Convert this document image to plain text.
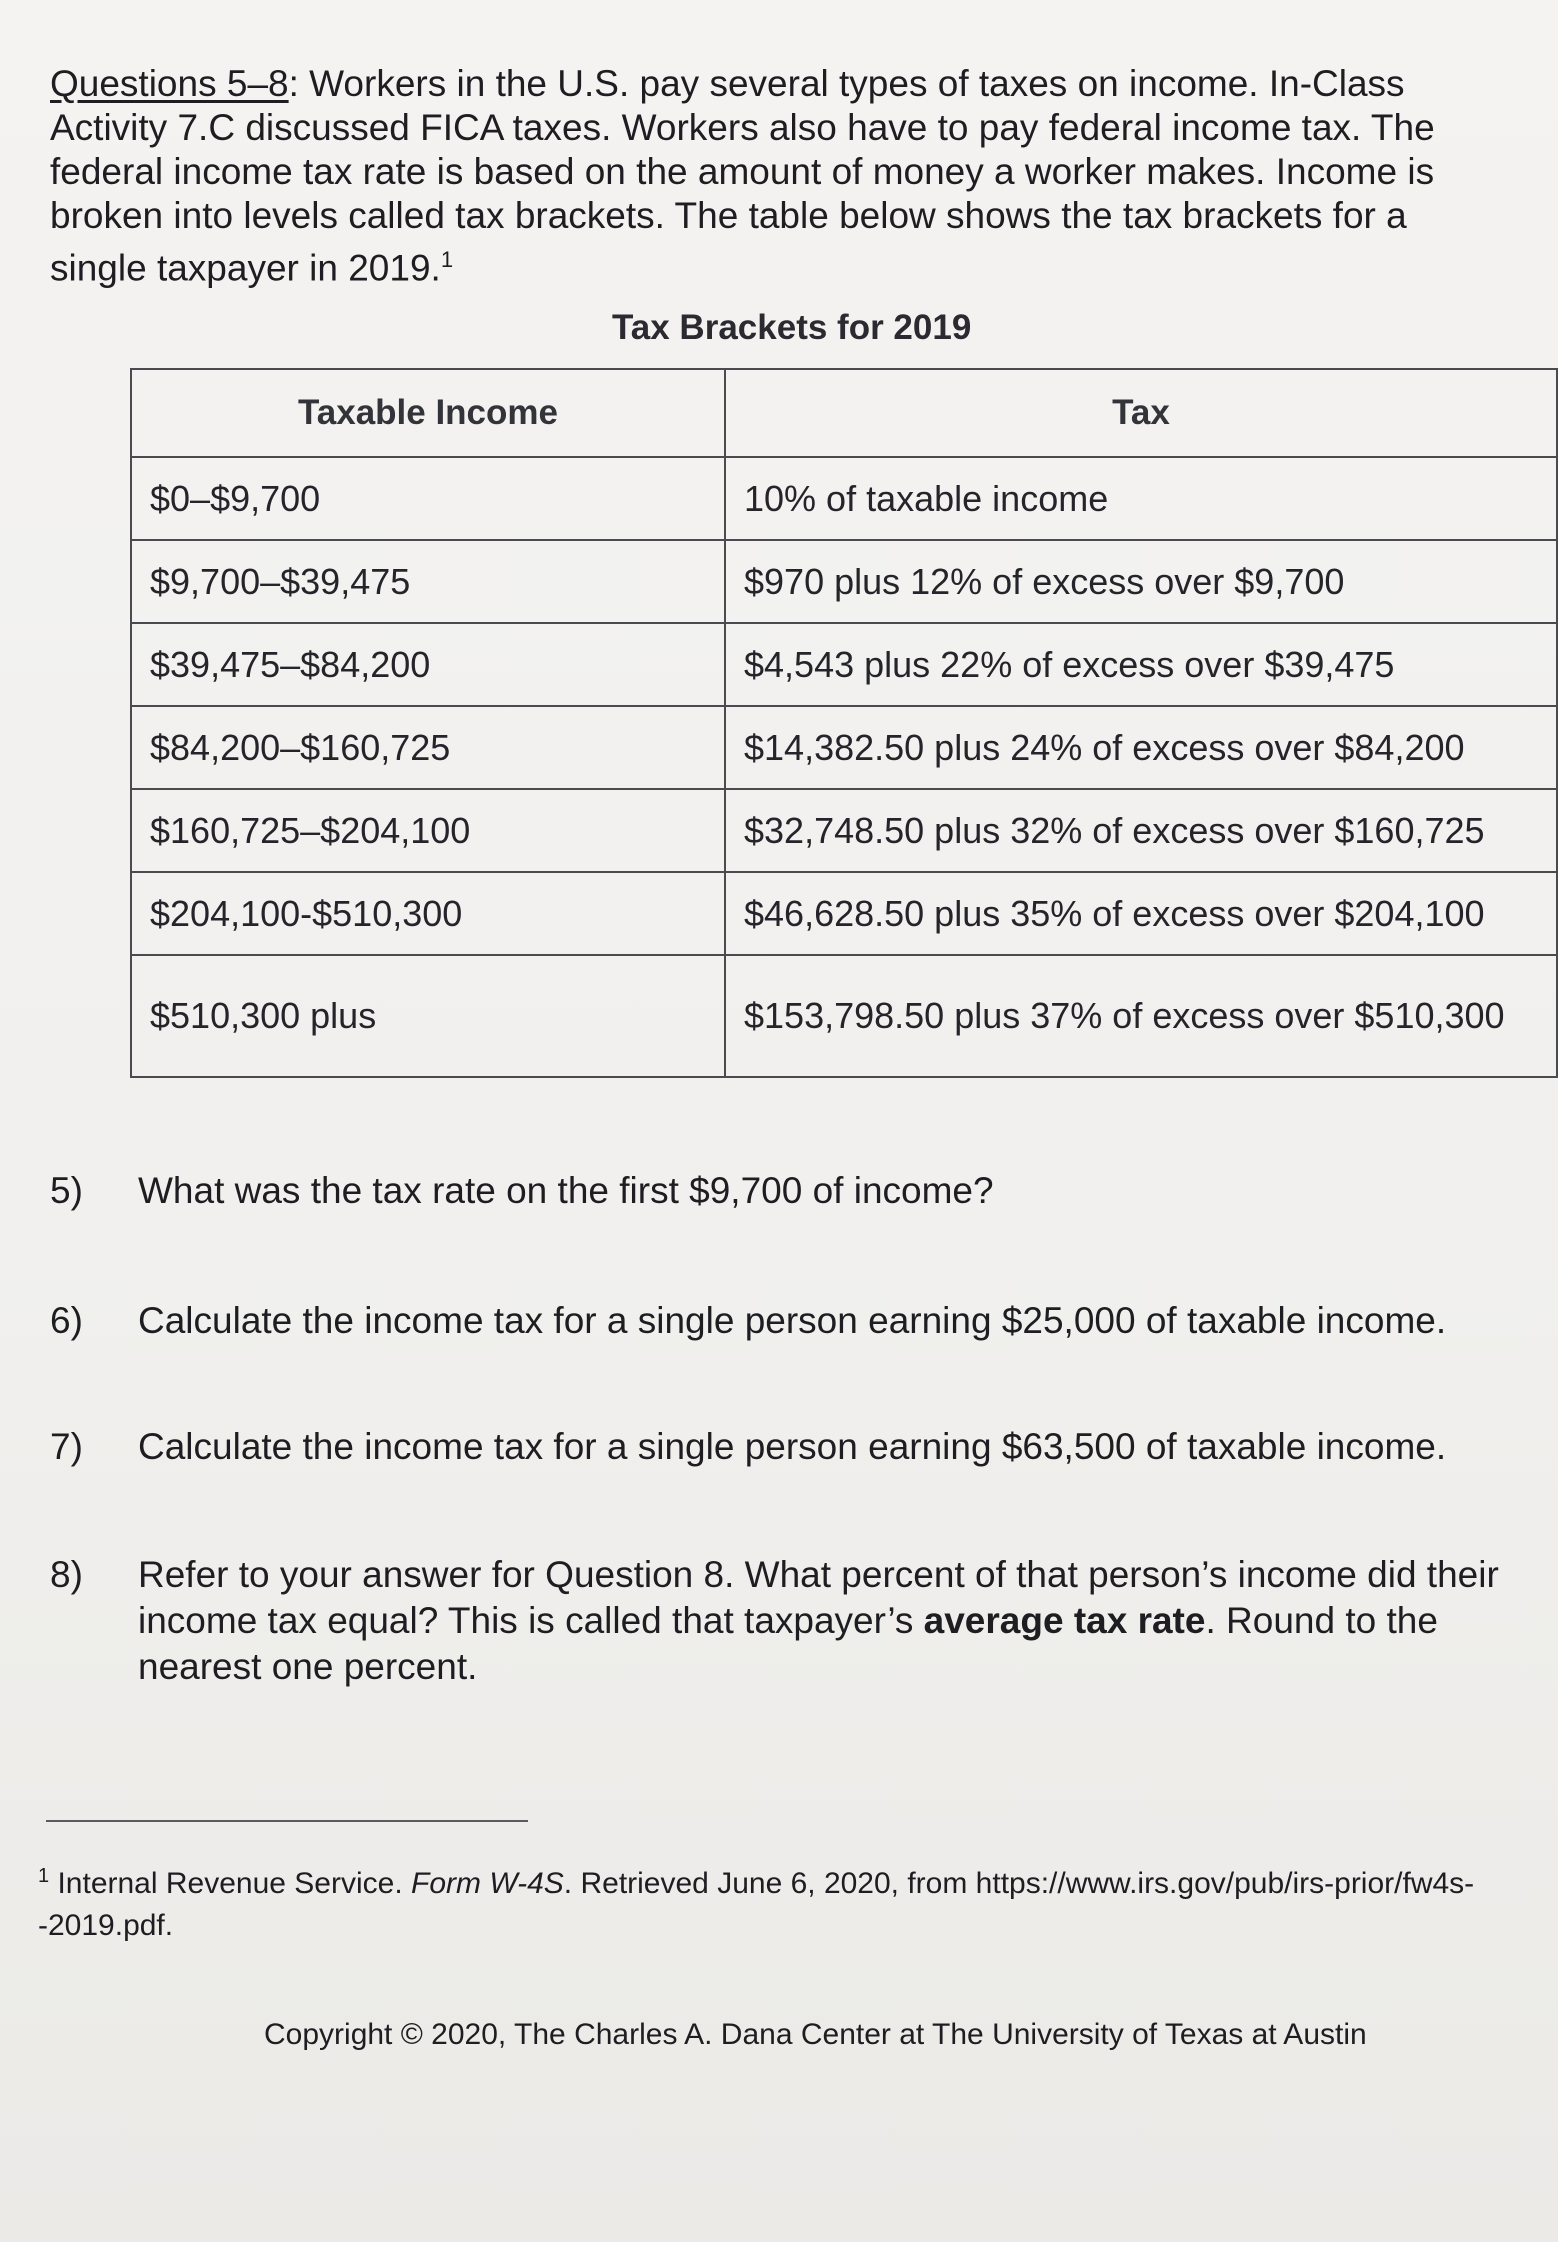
Questions 5–8: Workers in the U.S. pay several types of taxes on income. In-Class Activity 7.C discussed FICA taxes. Workers also have to pay federal income tax. The federal income tax rate is based on the amount of money a worker makes. Income is broken into levels called tax brackets. The table below shows the tax brackets for a single taxpayer in 2019.$^1$
Tax Brackets for 2019
Taxable Income	Tax
$0–$9,700	10% of taxable income
$9,700–$39,475	$970 plus 12% of excess over $9,700
$39,475–$84,200	$4,543 plus 22% of excess over $39,475
$84,200–$160,725	$14,382.50 plus 24% of excess over $84,200
$160,725–$204,100	$32,748.50 plus 32% of excess over $160,725
$204,100-$510,300	$46,628.50 plus 35% of excess over $204,100
$510,300 plus	$153,798.50 plus 37% of excess over $510,300
5) What was the tax rate on the first $9,700 of income?
6) Calculate the income tax for a single person earning $25,000 of taxable income.
7) Calculate the income tax for a single person earning $63,500 of taxable income.
8) Refer to your answer for Question 8. What percent of that person’s income did their income tax equal? This is called that taxpayer’s average tax rate. Round to the nearest one percent.
$^1$ Internal Revenue Service. Form W-4S. Retrieved June 6, 2020, from https://www.irs.gov/pub/irs-prior/fw4s--2019.pdf.
Copyright © 2020, The Charles A. Dana Center at The University of Texas at Austin
